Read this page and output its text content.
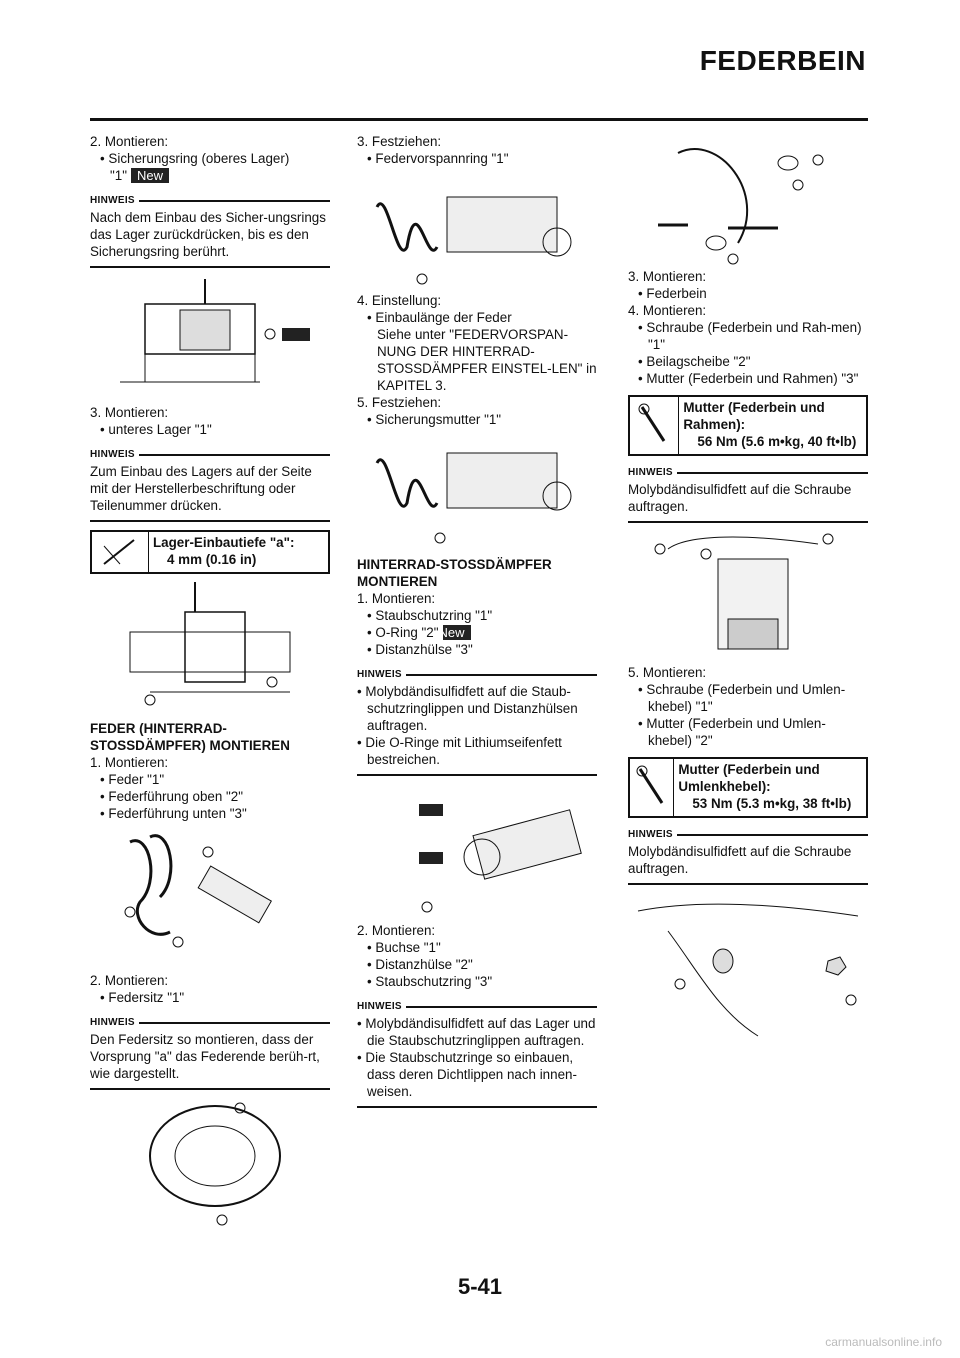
FEDERBEIN
2. Montieren:
• Sicherungsring (oberes Lager)
"1" New
HINWEIS
Nach dem Einbau des Sicher-ungsrings das Lager zurückdrücken, bis es den Sicherungsring berührt.
3. Montieren:
• unteres Lager "1"
HINWEIS
Zum Einbau des Lagers auf der Seite mit der Herstellerbeschriftung oder Teilenummer drücken.
Lager-Einbautiefe "a":
4 mm (0.16 in)
FEDER (HINTERRAD-STOSSDÄMPFER) MONTIEREN
1. Montieren:
• Feder "1"
• Federführung oben "2"
• Federführung unten "3"
2. Montieren:
• Federsitz "1"
HINWEIS
Den Federsitz so montieren, dass der Vorsprung "a" das Federende berüh-rt, wie dargestellt.
3. Festziehen:
• Federvorspannring "1"
4. Einstellung:
• Einbaulänge der Feder
Siehe unter "FEDERVORSPAN-NUNG DER HINTERRAD-STOSSDÄMPFER EINSTEL-LEN" in KAPITEL 3.
5. Festziehen:
• Sicherungsmutter "1"
HINTERRAD-STOSSDÄMPFER MONTIEREN
1. Montieren:
• Staubschutzring "1"
• O-Ring "2"New
• Distanzhülse "3"
HINWEIS
• Molybdändisulfidfett auf die Staub-schutzringlippen und Distanzhülsen auftragen.
• Die O-Ringe mit Lithiumseifenfett bestreichen.
2. Montieren:
• Buchse "1"
• Distanzhülse "2"
• Staubschutzring "3"
HINWEIS
• Molybdändisulfidfett auf das Lager und die Staubschutzringlippen auftragen.
• Die Staubschutzringe so einbauen, dass deren Dichtlippen nach innen-weisen.
3. Montieren:
• Federbein
4. Montieren:
• Schraube (Federbein und Rah-men) "1"
• Beilagscheibe "2"
• Mutter (Federbein und Rahmen) "3"
Mutter (Federbein und Rahmen):
56 Nm (5.6 m•kg, 40 ft•lb)
HINWEIS
Molybdändisulfidfett auf die Schraube auftragen.
5. Montieren:
• Schraube (Federbein und Umlen-khebel) "1"
• Mutter (Federbein und Umlen-khebel) "2"
Mutter (Federbein und Umlenkhebel):
53 Nm (5.3 m•kg, 38 ft•lb)
HINWEIS
Molybdändisulfidfett auf die Schraube auftragen.
5-41
carmanualsonline.info
